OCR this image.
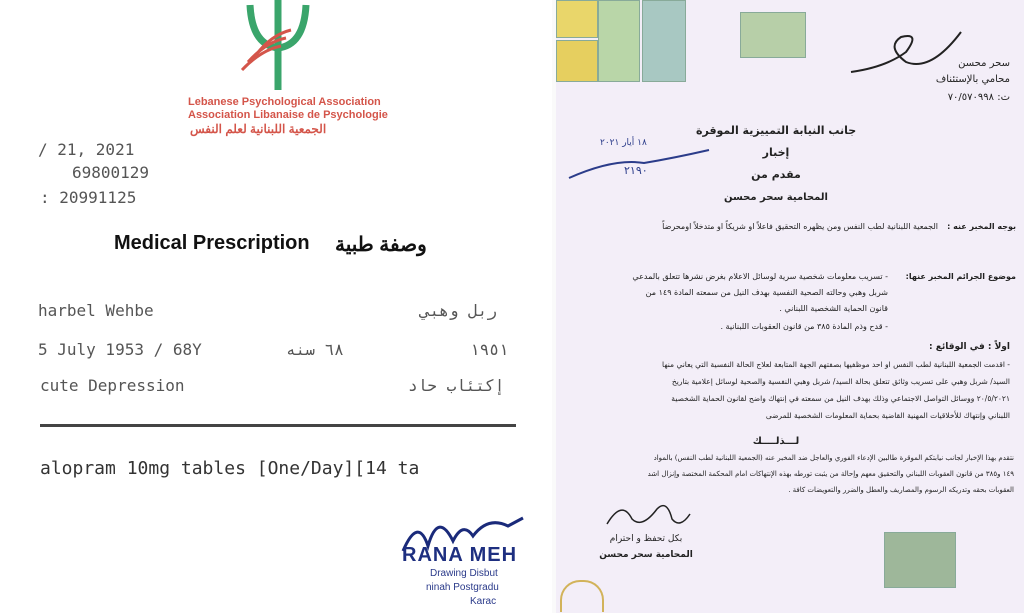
Lebanese Psychological Association
Association Libanaise de Psychologie
الجمعية اللبنانية لعلم النفس
/ 21, 2021
69800129
: 20991125
Medical Prescription وصفة طبية
harbel Wehbe	ربل وهبي
5 July 1953 / 68Y	٦٨ سنه	١٩٥١
cute Depression	إكتئاب حاد
alopram 10mg tables [One/Day][14 ta
RANA MEH
Drawing Disbut
ninah Postgradu
Karac
سحر محسن
محامي بالإستئناف
ت: ٧٠/٥٧٠٩٩٨
١٨ أيار ٢٠٢١
٢١٩٠
جانب النيابة التمييزية الموقرة
إخبار
مقدم من
المحامية سحر محسن
بوجه المخبر عنه :
الجمعية اللبنانية لطب النفس ومن يظهره التحقيق فاعلاً او شريكاً او متدخلاً اومحرضاً
موضوع الجرائم المخبر عنها:
- تسريب معلومات شخصية سرية لوسائل الاعلام بغرض نشرها تتعلق بالمدعي
شربل وهبي وحالته الصحية النفسية بهدف النيل من سمعته المادة ١٤٩ من
قانون الحماية الشخصية اللبناني .
- قدح وذم المادة ٣٨٥ من قانون العقوبات اللبنانية .
اولاً : في الوقائع :
- اقدمت الجمعية اللبنانية لطب النفس او احد موظفيها بصفتهم الجهة المتابعة لعلاج الحالة النفسية التي يعاني منها
السيد/ شربل وهبي على تسريب وثائق تتعلق بحالة السيد/ شربل وهبي النفسية والصحية لوسائل إعلامية بتاريخ
٢٠/٥/٢٠٢١ ووسائل التواصل الاجتماعي وذلك بهدف النيل من سمعته في إنتهاك واضح لقانون الحماية الشخصية
اللبناني وإنتهاك للأخلاقيات المهنية القاضية بحماية المعلومات الشخصية للمرضى
لـــذلــــك
نتقدم بهذا الإخبار لجانب نيابتكم الموقرة طالبين الإدعاء الفوري والعاجل ضد المخبر عنه (الجمعية اللبنانية لطب النفس) بالمواد
١٤٩ و٣٨٥ من قانون العقوبات اللبناني والتحقيق معهم وإحالة من يثبت تورطه بهذه الإنتهاكات امام المحكمة المختصة وإنزال اشد
العقوبات بحقه وتدريكه الرسوم والمصاريف والعطل والضرر والتعويضات كافة .
بكل تحفظ و احترام
المحامية سحر محسن
